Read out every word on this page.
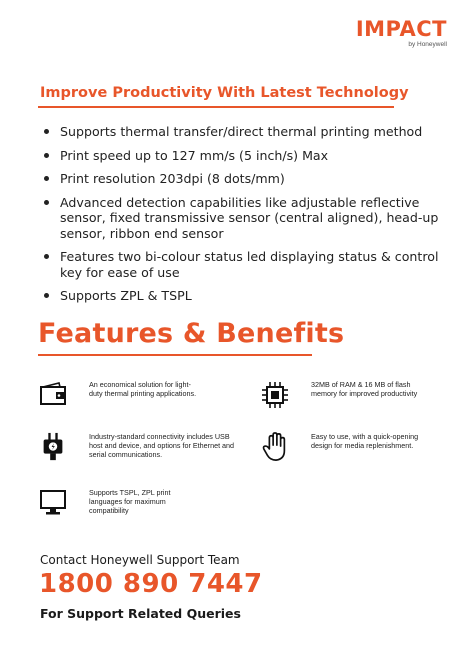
IMPACT
by Honeywell
Improve Productivity With Latest Technology
Supports thermal transfer/direct thermal printing method
Print speed up to 127 mm/s (5 inch/s) Max
Print resolution 203dpi (8 dots/mm)
Advanced detection capabilities like adjustable reflective sensor, fixed transmissive sensor (central aligned), head-up sensor, ribbon end sensor
Features two bi-colour status led displaying status & control key for ease of use
Supports ZPL & TSPL
Features & Benefits
An economical solution for light-duty thermal printing applications.
32MB of RAM & 16 MB of flash memory for improved productivity
Industry-standard connectivity includes USB host and device, and options for Ethernet and serial communications.
Easy to use, with a quick-opening design for media replenishment.
Supports TSPL, ZPL print languages for maximum compatibility
Contact Honeywell Support Team
1800 890 7447
For Support Related Queries
